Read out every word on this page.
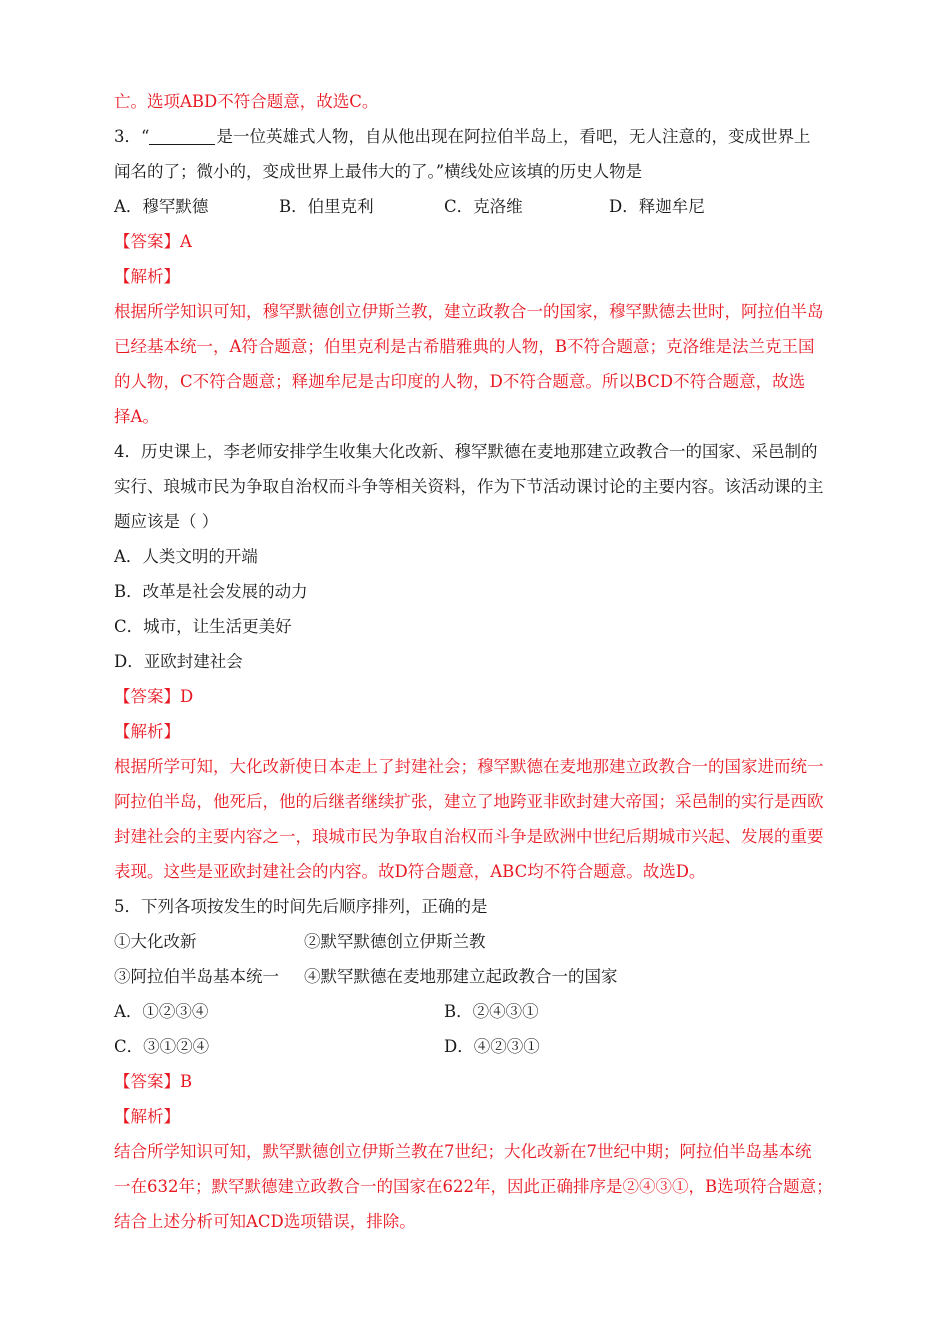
亡。选项ABD不符合题意，故选C。
3．“	是一位英雄式人物，自从他出现在阿拉伯半岛上，看吧，无人注意的，变成世界上
闻名的了；微小的，变成世界上最伟大的了。”横线处应该填的历史人物是
A．穆罕默德	B．伯里克利	C．克洛维	D．释迦牟尼
【答案】A
【解析】
根据所学知识可知，穆罕默德创立伊斯兰教，建立政教合一的国家，穆罕默德去世时，阿拉伯半岛
已经基本统一，A符合题意；伯里克利是古希腊雅典的人物，B不符合题意；克洛维是法兰克王国
的人物，C不符合题意；释迦牟尼是古印度的人物，D不符合题意。所以BCD不符合题意，故选
择A。
4．历史课上，李老师安排学生收集大化改新、穆罕默德在麦地那建立政教合一的国家、采邑制的
实行、琅城市民为争取自治权而斗争等相关资料，作为下节活动课讨论的主要内容。该活动课的主
题应该是（ ）
A．人类文明的开端
B．改革是社会发展的动力
C．城市，让生活更美好
D．亚欧封建社会
【答案】D
【解析】
根据所学可知，大化改新使日本走上了封建社会；穆罕默德在麦地那建立政教合一的国家进而统一
阿拉伯半岛，他死后，他的后继者继续扩张，建立了地跨亚非欧封建大帝国；采邑制的实行是西欧
封建社会的主要内容之一，琅城市民为争取自治权而斗争是欧洲中世纪后期城市兴起、发展的重要
表现。这些是亚欧封建社会的内容。故D符合题意，ABC均不符合题意。故选D。
5．下列各项按发生的时间先后顺序排列，正确的是
①大化改新	②默罕默德创立伊斯兰教
③阿拉伯半岛基本统一	④默罕默德在麦地那建立起政教合一的国家
A．①②③④	B．②④③①
C．③①②④	D．④②③①
【答案】B
【解析】
结合所学知识可知，默罕默德创立伊斯兰教在7世纪；大化改新在7世纪中期；阿拉伯半岛基本统
一在632年；默罕默德建立政教合一的国家在622年，因此正确排序是②④③①，B选项符合题意；
结合上述分析可知ACD选项错误，排除。
